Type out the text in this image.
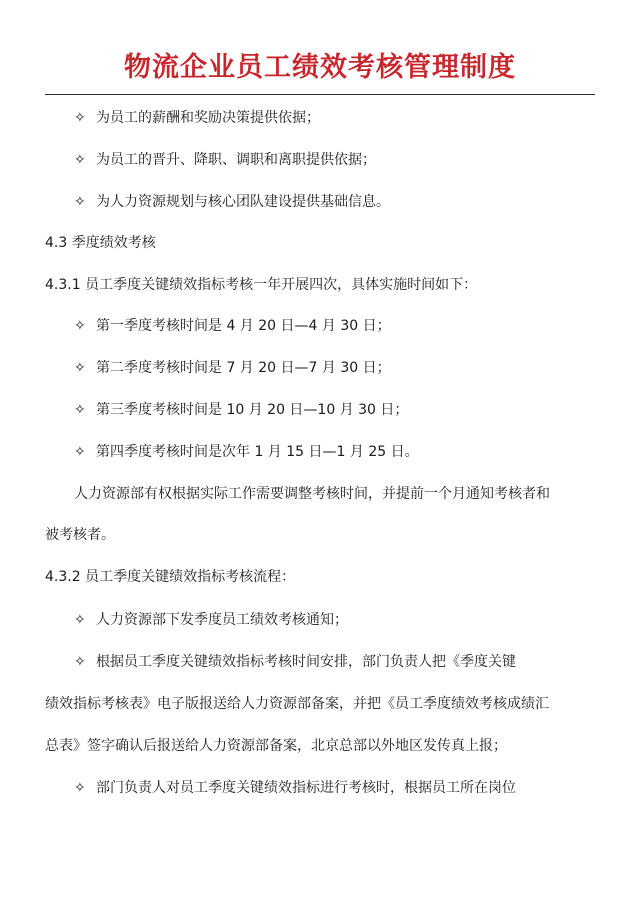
物流企业员工绩效考核管理制度
✧ 为员工的薪酬和奖励决策提供依据；
✧ 为员工的晋升、降职、调职和离职提供依据；
✧ 为人力资源规划与核心团队建设提供基础信息。
4.3 季度绩效考核
4.3.1 员工季度关键绩效指标考核一年开展四次，具体实施时间如下：
✧ 第一季度考核时间是 4 月 20 日—4 月 30 日；
✧ 第二季度考核时间是 7 月 20 日—7 月 30 日；
✧ 第三季度考核时间是 10 月 20 日—10 月 30 日；
✧ 第四季度考核时间是次年 1 月 15 日—1 月 25 日。
人力资源部有权根据实际工作需要调整考核时间，并提前一个月通知考核者和
被考核者。
4.3.2 员工季度关键绩效指标考核流程：
✧ 人力资源部下发季度员工绩效考核通知；
✧ 根据员工季度关键绩效指标考核时间安排，部门负责人把《季度关键
绩效指标考核表》电子版报送给人力资源部备案，并把《员工季度绩效考核成绩汇
总表》签字确认后报送给人力资源部备案，北京总部以外地区发传真上报；
✧ 部门负责人对员工季度关键绩效指标进行考核时，根据员工所在岗位
